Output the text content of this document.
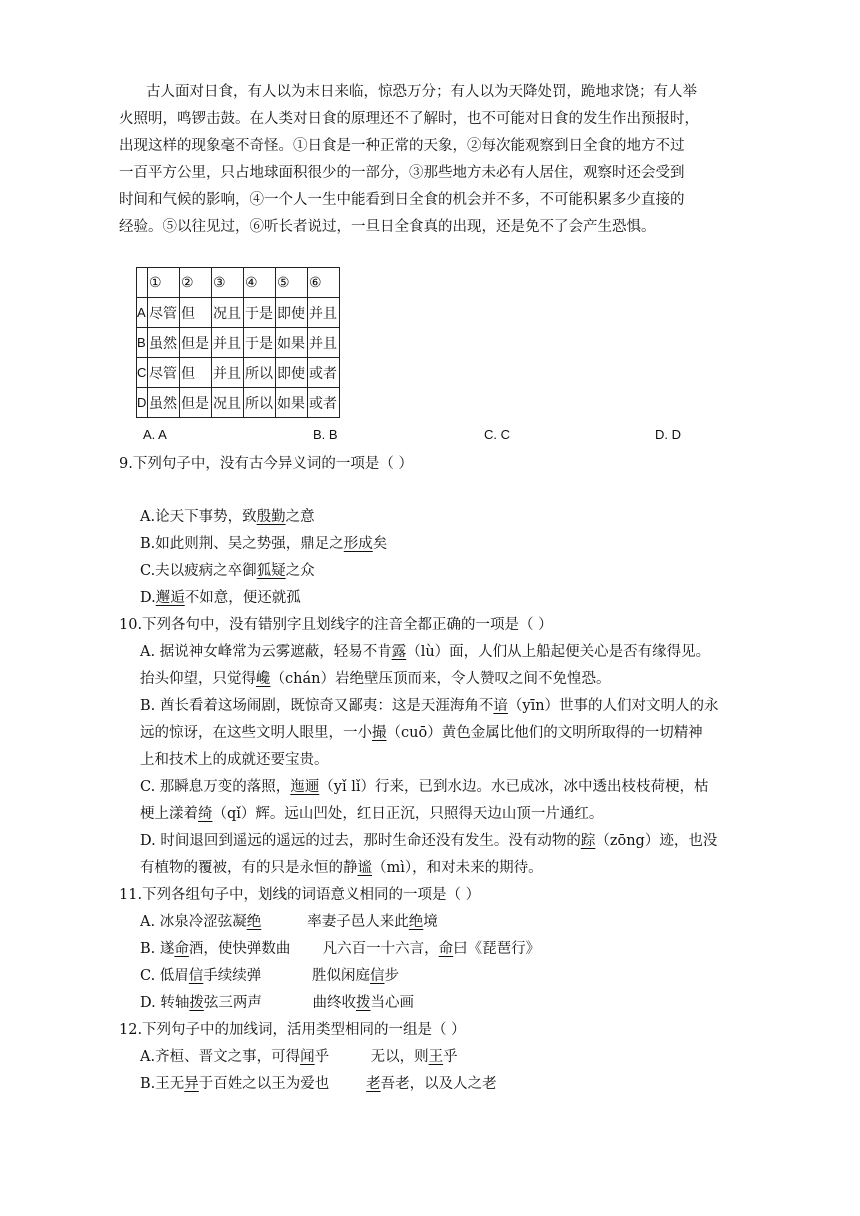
古人面对日食，有人以为末日来临，惊恐万分；有人以为天降处罚，跪地求饶；有人举
火照明，鸣锣击鼓。在人类对日食的原理还不了解时，也不可能对日食的发生作出预报时，
出现这样的现象毫不奇怪。①日食是一种正常的天象，②每次能观察到日全食的地方不过
一百平方公里，只占地球面积很少的一部分，③那些地方未必有人居住，观察时还会受到
时间和气候的影响，④一个人一生中能看到日全食的机会并不多，不可能积累多少直接的
经验。⑤以往见过，⑥听长者说过，一旦日全食真的出现，还是免不了会产生恐惧。
	①	②	③	④	⑤	⑥
A	尽管	但	况且	于是	即使	并且
B	虽然	但是	并且	于是	如果	并且
C	尽管	但	并且	所以	即使	或者
D	虽然	但是	况且	所以	如果	或者
A. A	B. B	C. C	D. D
9.下列句子中，没有古今异义词的一项是（ ）
A.论天下事势，致殷勤之意
B.如此则荆、吴之势强，鼎足之形成矣
C.夫以疲病之卒御狐疑之众
D.邂逅不如意，便还就孤
10.下列各句中，没有错别字且划线字的注音全都正确的一项是（ ）
A. 据说神女峰常为云雾遮蔽，轻易不肯露（lù）面，人们从上船起便关心是否有缘得见。
抬头仰望，只觉得巉（chán）岩绝壁压顶而来，令人赞叹之间不免惶恐。
B. 酋长看着这场闹剧，既惊奇又鄙夷：这是天涯海角不谙（yīn）世事的人们对文明人的永
远的惊讶，在这些文明人眼里，一小撮（cuō）黄色金属比他们的文明所取得的一切精神
上和技术上的成就还要宝贵。
C. 那瞬息万变的落照，迤逦（yǐ lǐ）行来，已到水边。水已成冰，冰中透出枝枝荷梗，枯
梗上漾着绮（qǐ）辉。远山凹处，红日正沉，只照得天边山顶一片通红。
D. 时间退回到遥远的遥远的过去，那时生命还没有发生。没有动物的踪（zōng）迹，也没
有植物的覆被，有的只是永恒的静谧（mì），和对未来的期待。
11.下列各组句子中，划线的词语意义相同的一项是（ ）
A. 冰泉冷涩弦凝绝          率妻子邑人来此绝境
B. 遂命酒，使快弹数曲       凡六百一十六言，命曰《琵琶行》
C. 低眉信手续续弹           胜似闲庭信步
D. 转轴拨弦三两声           曲终收拨当心画
12.下列句子中的加线词，活用类型相同的一组是（ ）
A.齐桓、晋文之事，可得闻乎         无以，则王乎
B.王无异于百姓之以王为爱也        老吾老，以及人之老
